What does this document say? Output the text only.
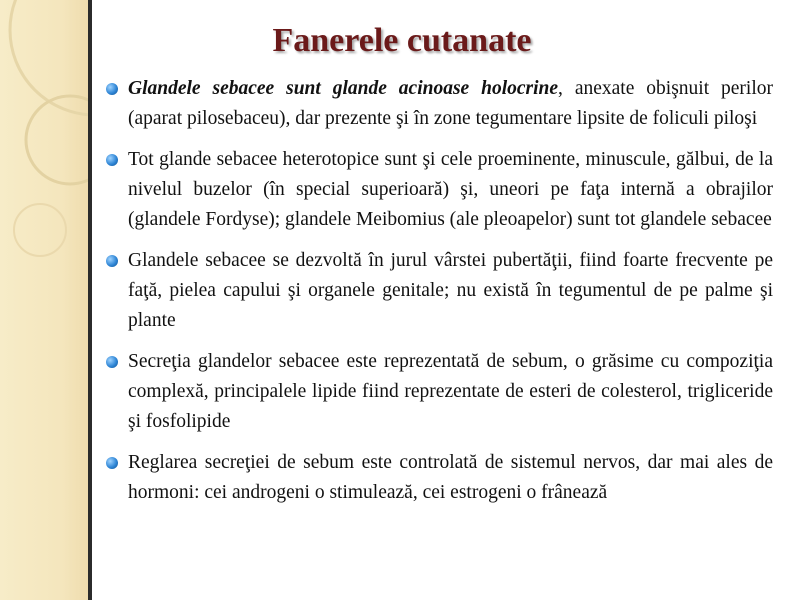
Fanerele cutanate

Glandele sebacee sunt glande acinoase holocrine, anexate obişnuit perilor (aparat pilosebaceu), dar prezente şi în zone tegumentare lipsite de foliculi piloşi

Tot glande sebacee heterotopice sunt şi cele proeminente, minuscule, gălbui, de la nivelul buzelor (în special superioară) şi, uneori pe faţa internă a obrajilor (glandele Fordyse); glandele Meibomius (ale pleoapelor) sunt tot glandele sebacee

Glandele sebacee se dezvoltă în jurul vârstei pubertăţii, fiind foarte frecvente pe faţă, pielea capului şi organele genitale; nu există în tegumentul de pe palme şi plante

Secreţia glandelor sebacee este reprezentată de sebum, o grăsime cu compoziţia complexă, principalele lipide fiind reprezentate de esteri de colesterol, trigliceride şi fosfolipide

Reglarea secreţiei de sebum este controlată de sistemul nervos, dar mai ales de hormoni: cei androgeni o stimulează, cei estrogeni o frânează
